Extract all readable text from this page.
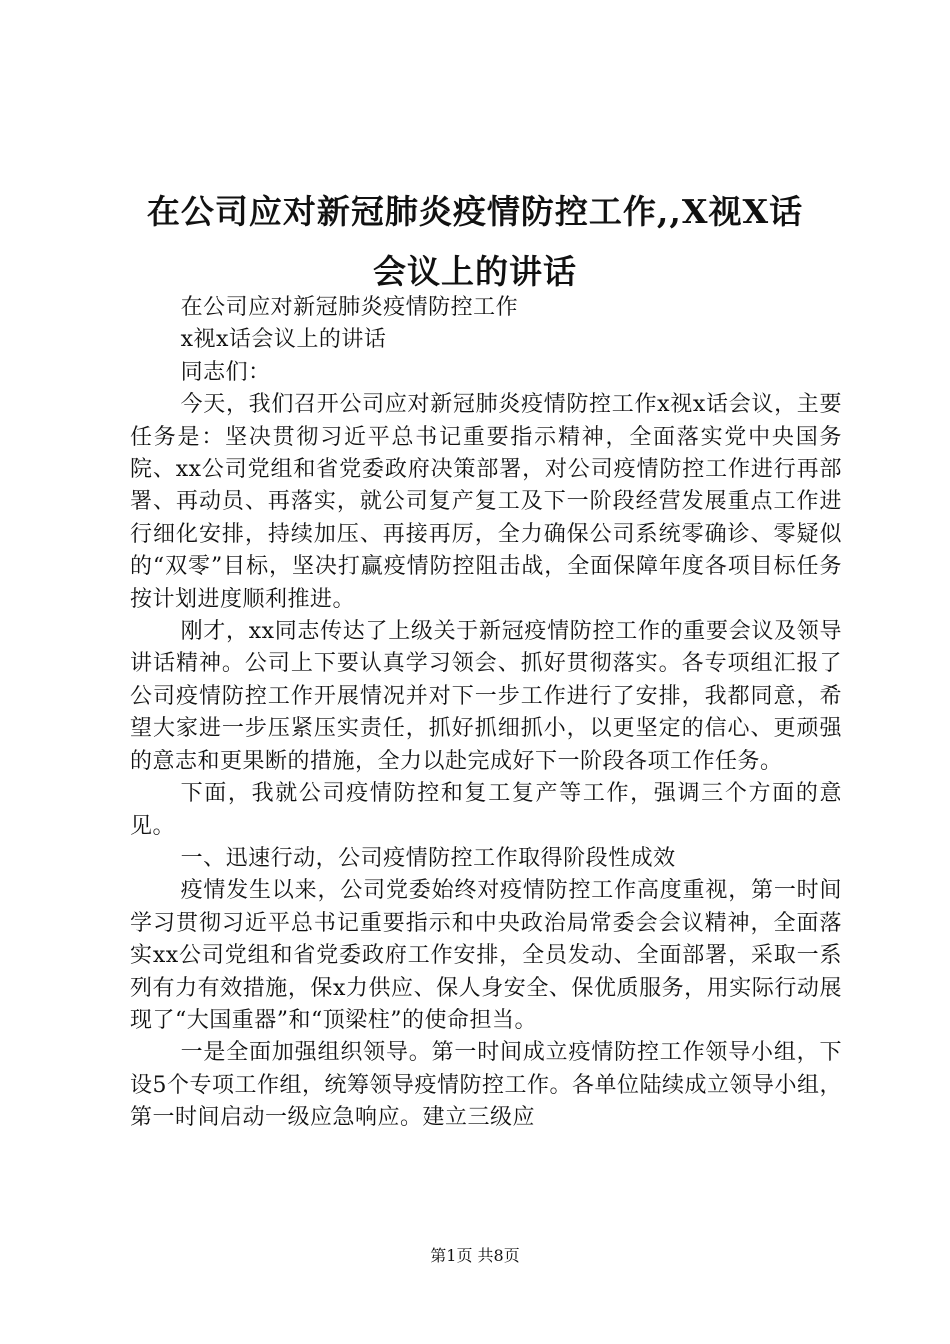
在公司应对新冠肺炎疫情防控工作,,X视X话
会议上的讲话

在公司应对新冠肺炎疫情防控工作

x视x话会议上的讲话

同志们：

今天，我们召开公司应对新冠肺炎疫情防控工作x视x话会议，主要任务是：坚决贯彻习近平总书记重要指示精神，全面落实党中央国务院、xx公司党组和省党委政府决策部署，对公司疫情防控工作进行再部署、再动员、再落实，就公司复产复工及下一阶段经营发展重点工作进行细化安排，持续加压、再接再厉，全力确保公司系统零确诊、零疑似的“双零”目标，坚决打赢疫情防控阻击战，全面保障年度各项目标任务按计划进度顺利推进。

刚才，xx同志传达了上级关于新冠疫情防控工作的重要会议及领导讲话精神。公司上下要认真学习领会、抓好贯彻落实。各专项组汇报了公司疫情防控工作开展情况并对下一步工作进行了安排，我都同意，希望大家进一步压紧压实责任，抓好抓细抓小，以更坚定的信心、更顽强的意志和更果断的措施，全力以赴完成好下一阶段各项工作任务。

下面，我就公司疫情防控和复工复产等工作，强调三个方面的意见。

一、迅速行动，公司疫情防控工作取得阶段性成效

疫情发生以来，公司党委始终对疫情防控工作高度重视，第一时间学习贯彻习近平总书记重要指示和中央政治局常委会会议精神，全面落实xx公司党组和省党委政府工作安排，全员发动、全面部署，采取一系列有力有效措施，保x力供应、保人身安全、保优质服务，用实际行动展现了“大国重器”和“顶梁柱”的使命担当。

一是全面加强组织领导。第一时间成立疫情防控工作领导小组，下设5个专项工作组，统筹领导疫情防控工作。各单位陆续成立领导小组，第一时间启动一级应急响应。建立三级应

第1页 共8页
